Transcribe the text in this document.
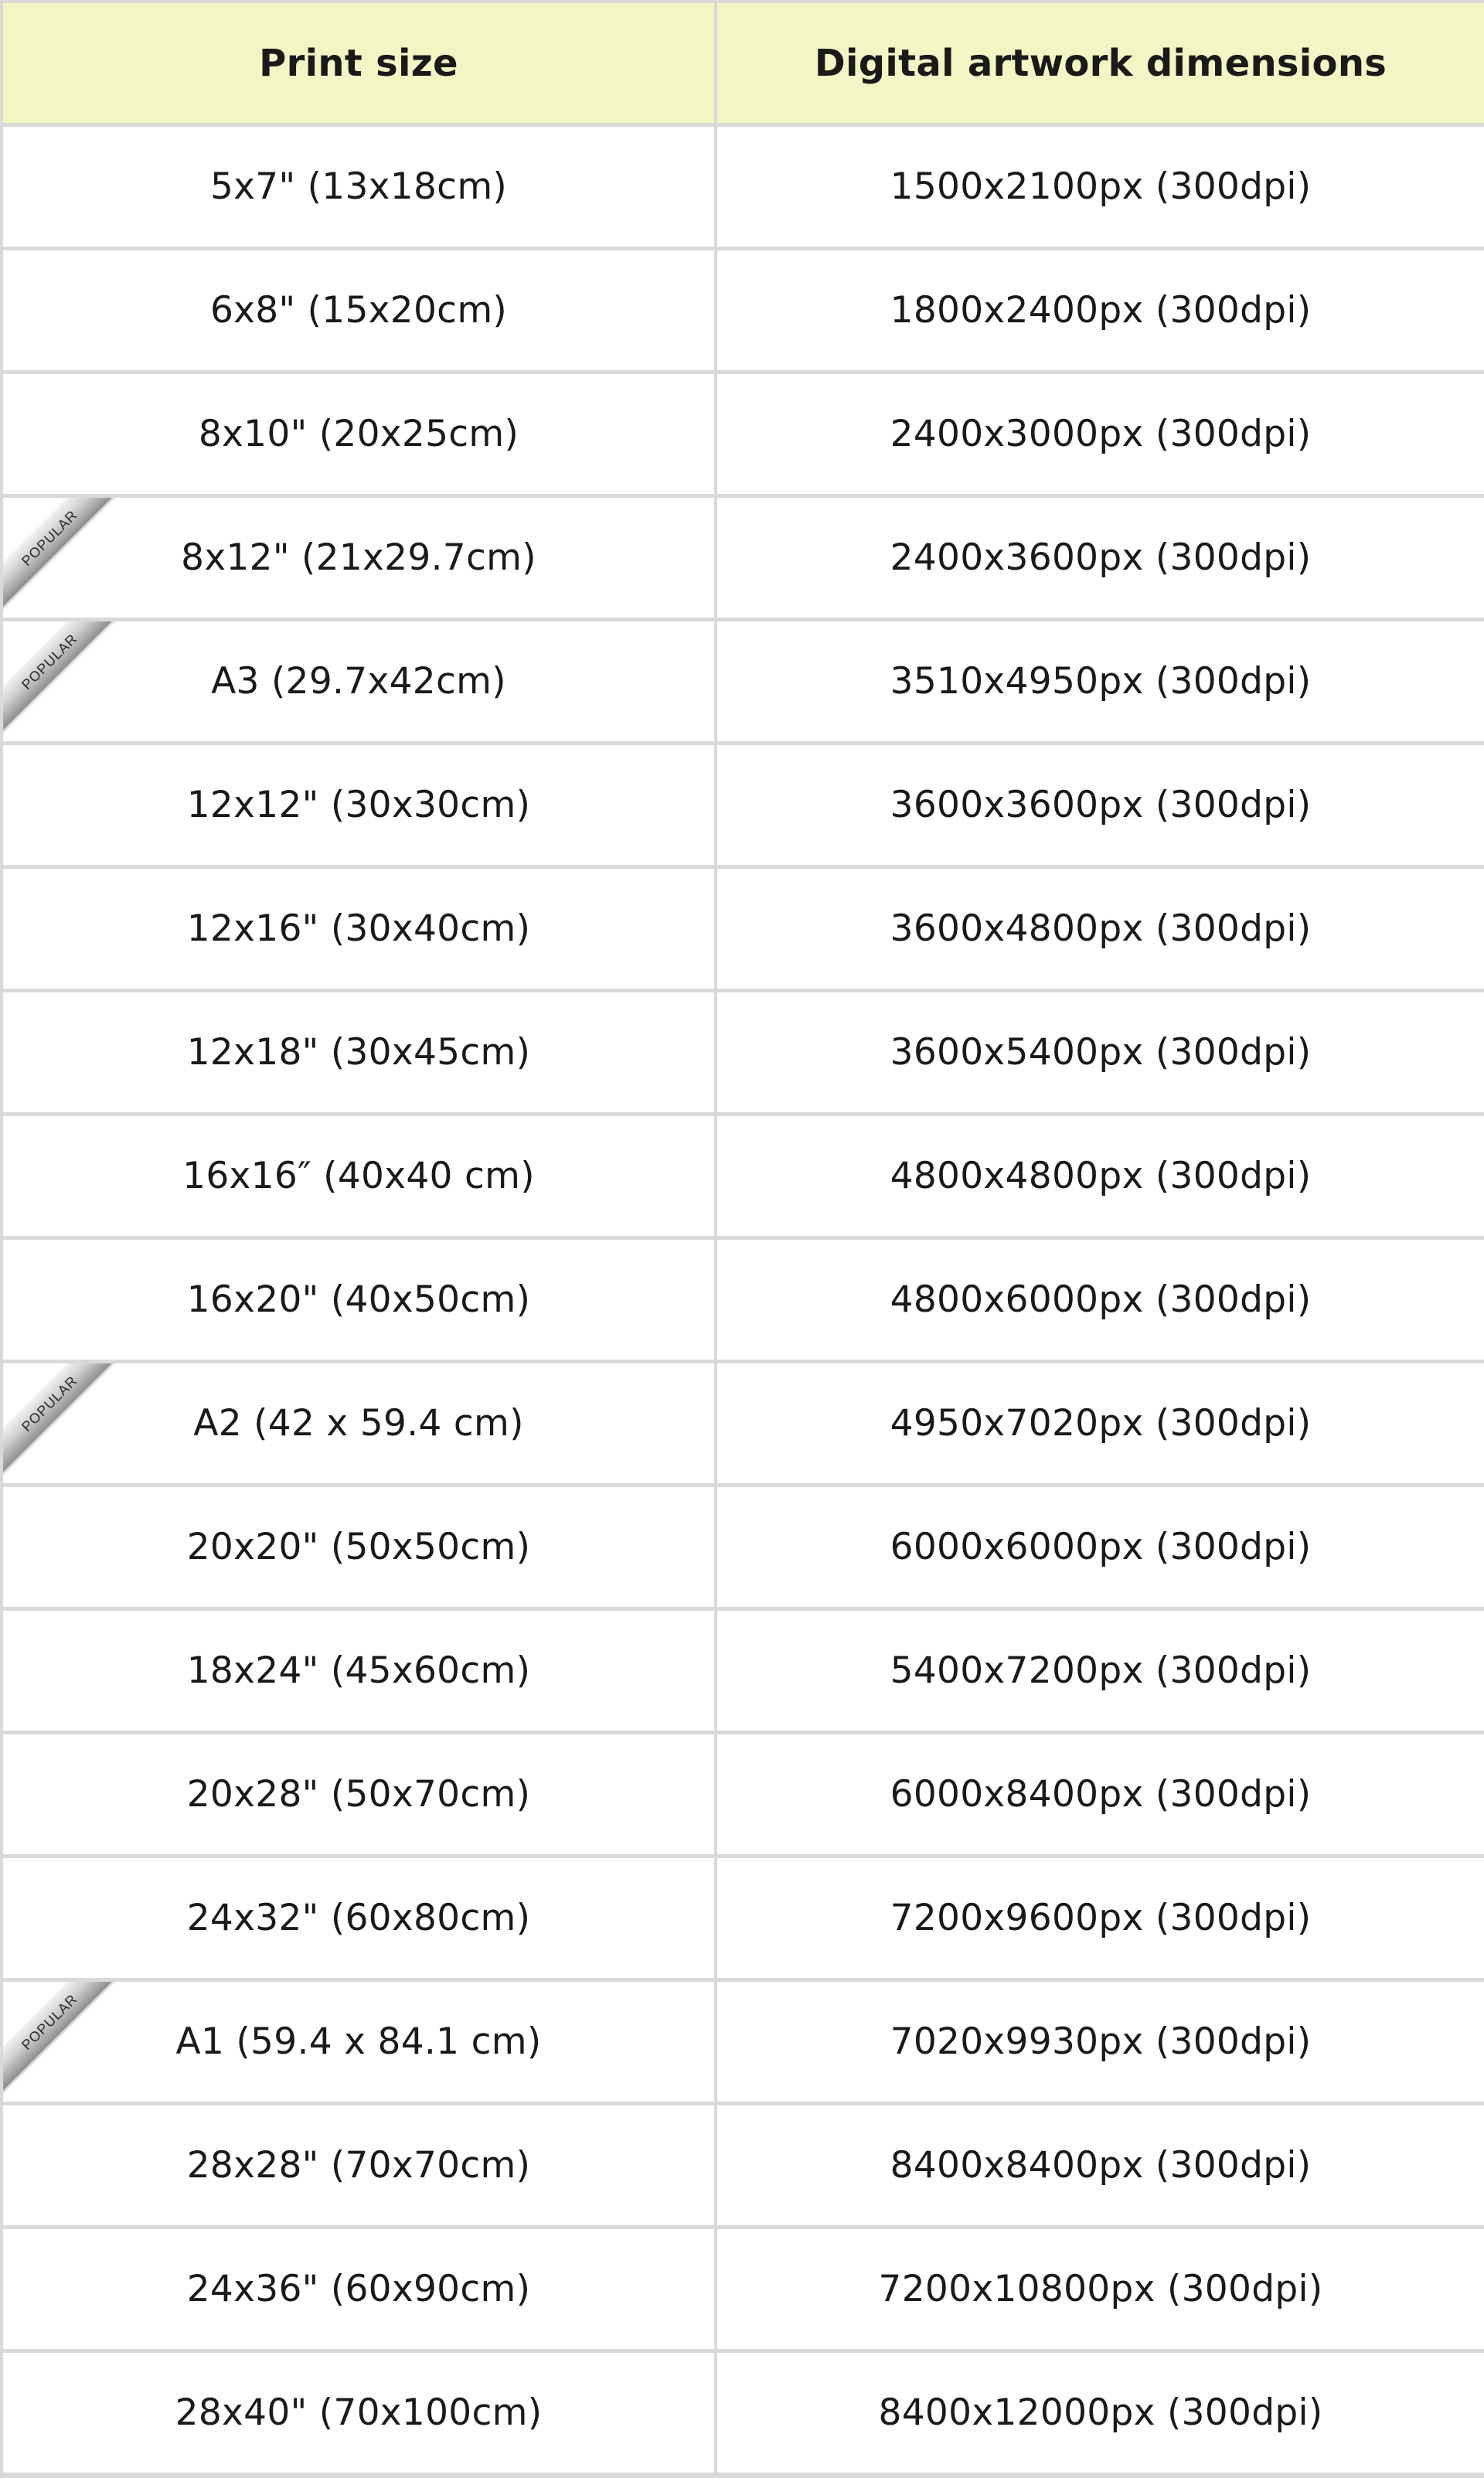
Print size	Digital artwork dimensions
5x7" (13x18cm)	1500x2100px (300dpi)
6x8" (15x20cm)	1800x2400px (300dpi)
8x10" (20x25cm)	2400x3000px (300dpi)
POPULAR	8x12" (21x29.7cm)	2400x3600px (300dpi)
POPULAR	A3 (29.7x42cm)	3510x4950px (300dpi)
12x12" (30x30cm)	3600x3600px (300dpi)
12x16" (30x40cm)	3600x4800px (300dpi)
12x18" (30x45cm)	3600x5400px (300dpi)
16x16″ (40x40 cm)	4800x4800px (300dpi)
16x20" (40x50cm)	4800x6000px (300dpi)
POPULAR	A2 (42 x 59.4 cm)	4950x7020px (300dpi)
20x20" (50x50cm)	6000x6000px (300dpi)
18x24" (45x60cm)	5400x7200px (300dpi)
20x28" (50x70cm)	6000x8400px (300dpi)
24x32" (60x80cm)	7200x9600px (300dpi)
POPULAR	A1 (59.4 x 84.1 cm)	7020x9930px (300dpi)
28x28" (70x70cm)	8400x8400px (300dpi)
24x36" (60x90cm)	7200x10800px (300dpi)
28x40" (70x100cm)	8400x12000px (300dpi)
